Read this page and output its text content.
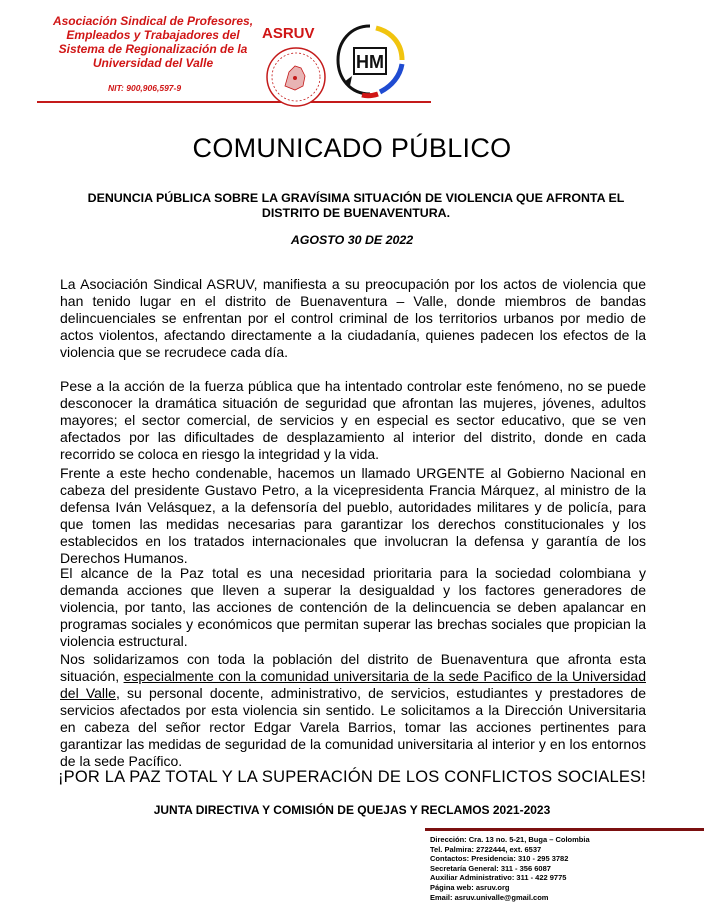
Asociación Sindical de Profesores, Empleados y Trabajadores del Sistema de Regionalización de la Universidad del Valle
NIT: 900,906,597-9
ASRUV
HM
COMUNICADO PÚBLICO
DENUNCIA PÚBLICA SOBRE LA GRAVÍSIMA SITUACIÓN DE VIOLENCIA QUE AFRONTA EL DISTRITO DE BUENAVENTURA.
AGOSTO 30 DE 2022

La Asociación Sindical ASRUV, manifiesta a su preocupación por los actos de violencia que han tenido lugar en el distrito de Buenaventura – Valle, donde miembros de bandas delincuenciales se enfrentan por el control criminal de los territorios urbanos por medio de actos violentos, afectando directamente a la ciudadanía, quienes padecen los efectos de la violencia que se recrudece cada día.

Pese a la acción de la fuerza pública que ha intentado controlar este fenómeno, no se puede desconocer la dramática situación de seguridad que afrontan las mujeres, jóvenes, adultos mayores; el sector comercial, de servicios y en especial es sector educativo, que se ven afectados por las dificultades de desplazamiento al interior del distrito, donde en cada recorrido se coloca en riesgo la integridad y la vida.

Frente a este hecho condenable, hacemos un llamado URGENTE al Gobierno Nacional en cabeza del presidente Gustavo Petro, a la vicepresidenta Francia Márquez, al ministro de la defensa Iván Velásquez, a la defensoría del pueblo, autoridades militares y de policía, para que tomen las medidas necesarias para garantizar los derechos constitucionales y los establecidos en los tratados internacionales que involucran la defensa y garantía de los Derechos Humanos.

El alcance de la Paz total es una necesidad prioritaria para la sociedad colombiana y demanda acciones que lleven a superar la desigualdad y los factores generadores de violencia, por tanto, las acciones de contención de la delincuencia se deben apalancar en programas sociales y económicos que permitan superar las brechas sociales que propician la violencia estructural.

Nos solidarizamos con toda la población del distrito de Buenaventura que afronta esta situación, especialmente con la comunidad universitaria de la sede Pacifico de la Universidad del Valle, su personal docente, administrativo, de servicios, estudiantes y prestadores de servicios afectados por esta violencia sin sentido. Le solicitamos a la Dirección Universitaria en cabeza del señor rector Edgar Varela Barrios, tomar las acciones pertinentes para garantizar las medidas de seguridad de la comunidad universitaria al interior y en los entornos de la sede Pacífico.

¡POR LA PAZ TOTAL Y LA SUPERACIÓN DE LOS CONFLICTOS SOCIALES!
JUNTA DIRECTIVA Y COMISIÓN DE QUEJAS Y RECLAMOS 2021-2023
Dirección: Cra. 13 no. 5-21, Buga – Colombia
Tel. Palmira: 2722444, ext. 6537
Contactos: Presidencia: 310 - 295 3782
Secretaría General: 311 - 356 6087
Auxiliar Administrativo: 311 - 422 9775
Página web: asruv.org
Email: asruv.univalle@gmail.com
